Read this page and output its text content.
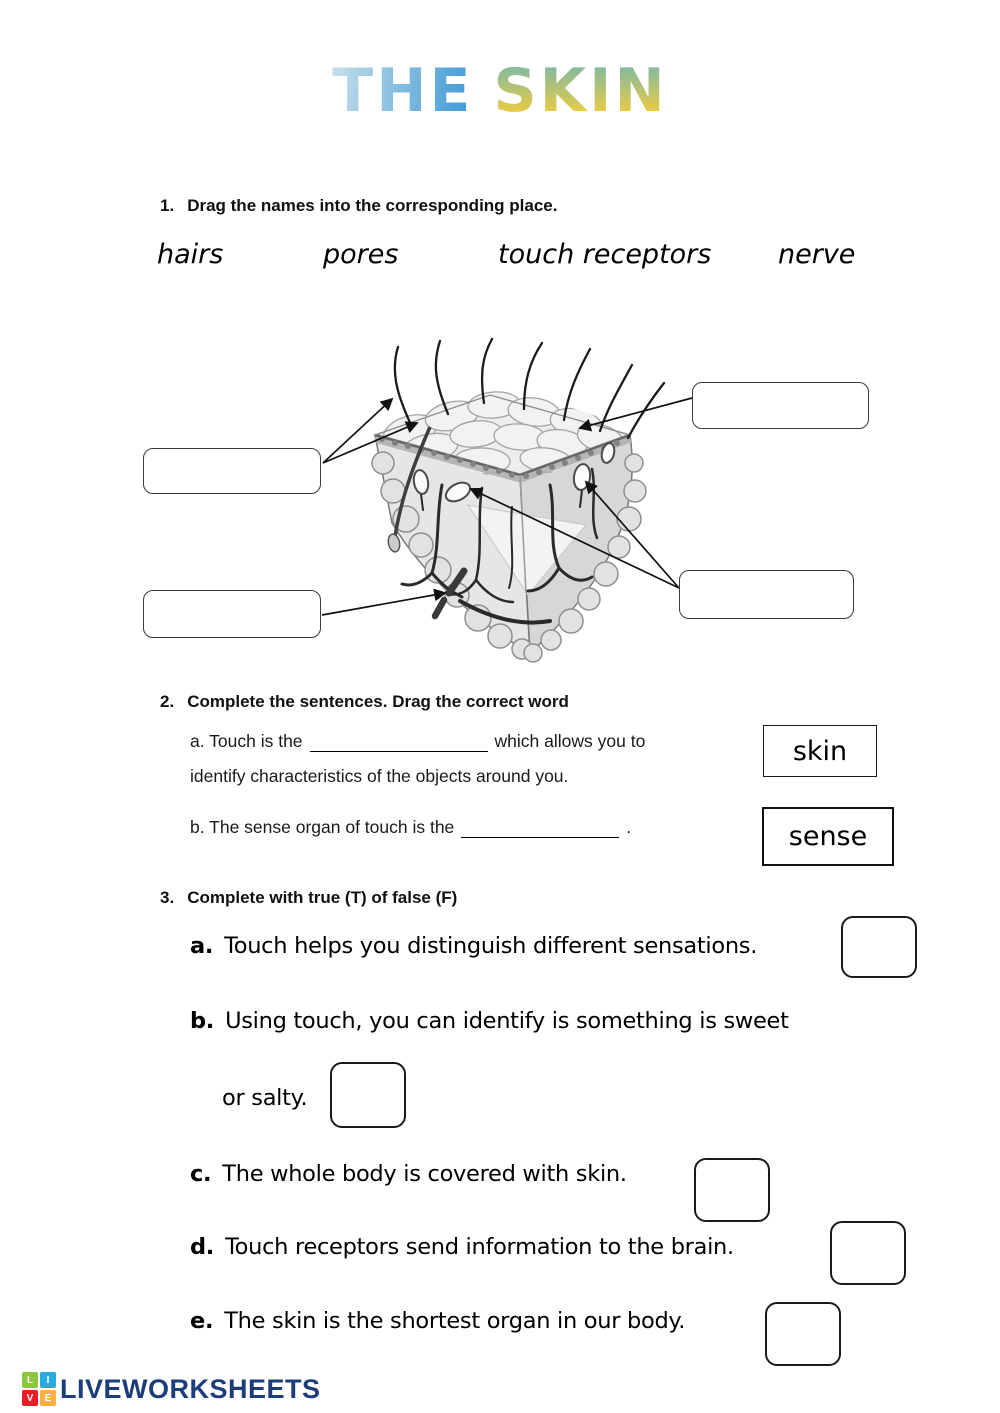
THE SKIN
1. Drag the names into the corresponding place.
hairs	pores	touch receptors nerve
2. Complete the sentences. Drag the correct word
a. Touch is the	which allows you to
identify characteristics of the objects around you.
b. The sense organ of touch is the	.
skin
sense
3. Complete with true (T) of false (F)
a. Touch helps you distinguish different sensations.
b. Using touch, you can identify is something is sweet
or salty.
c. The whole body is covered with skin.
d. Touch receptors send information to the brain.
e. The skin is the shortest organ in our body.
L	I
V	E LIVEWORKSHEETS
